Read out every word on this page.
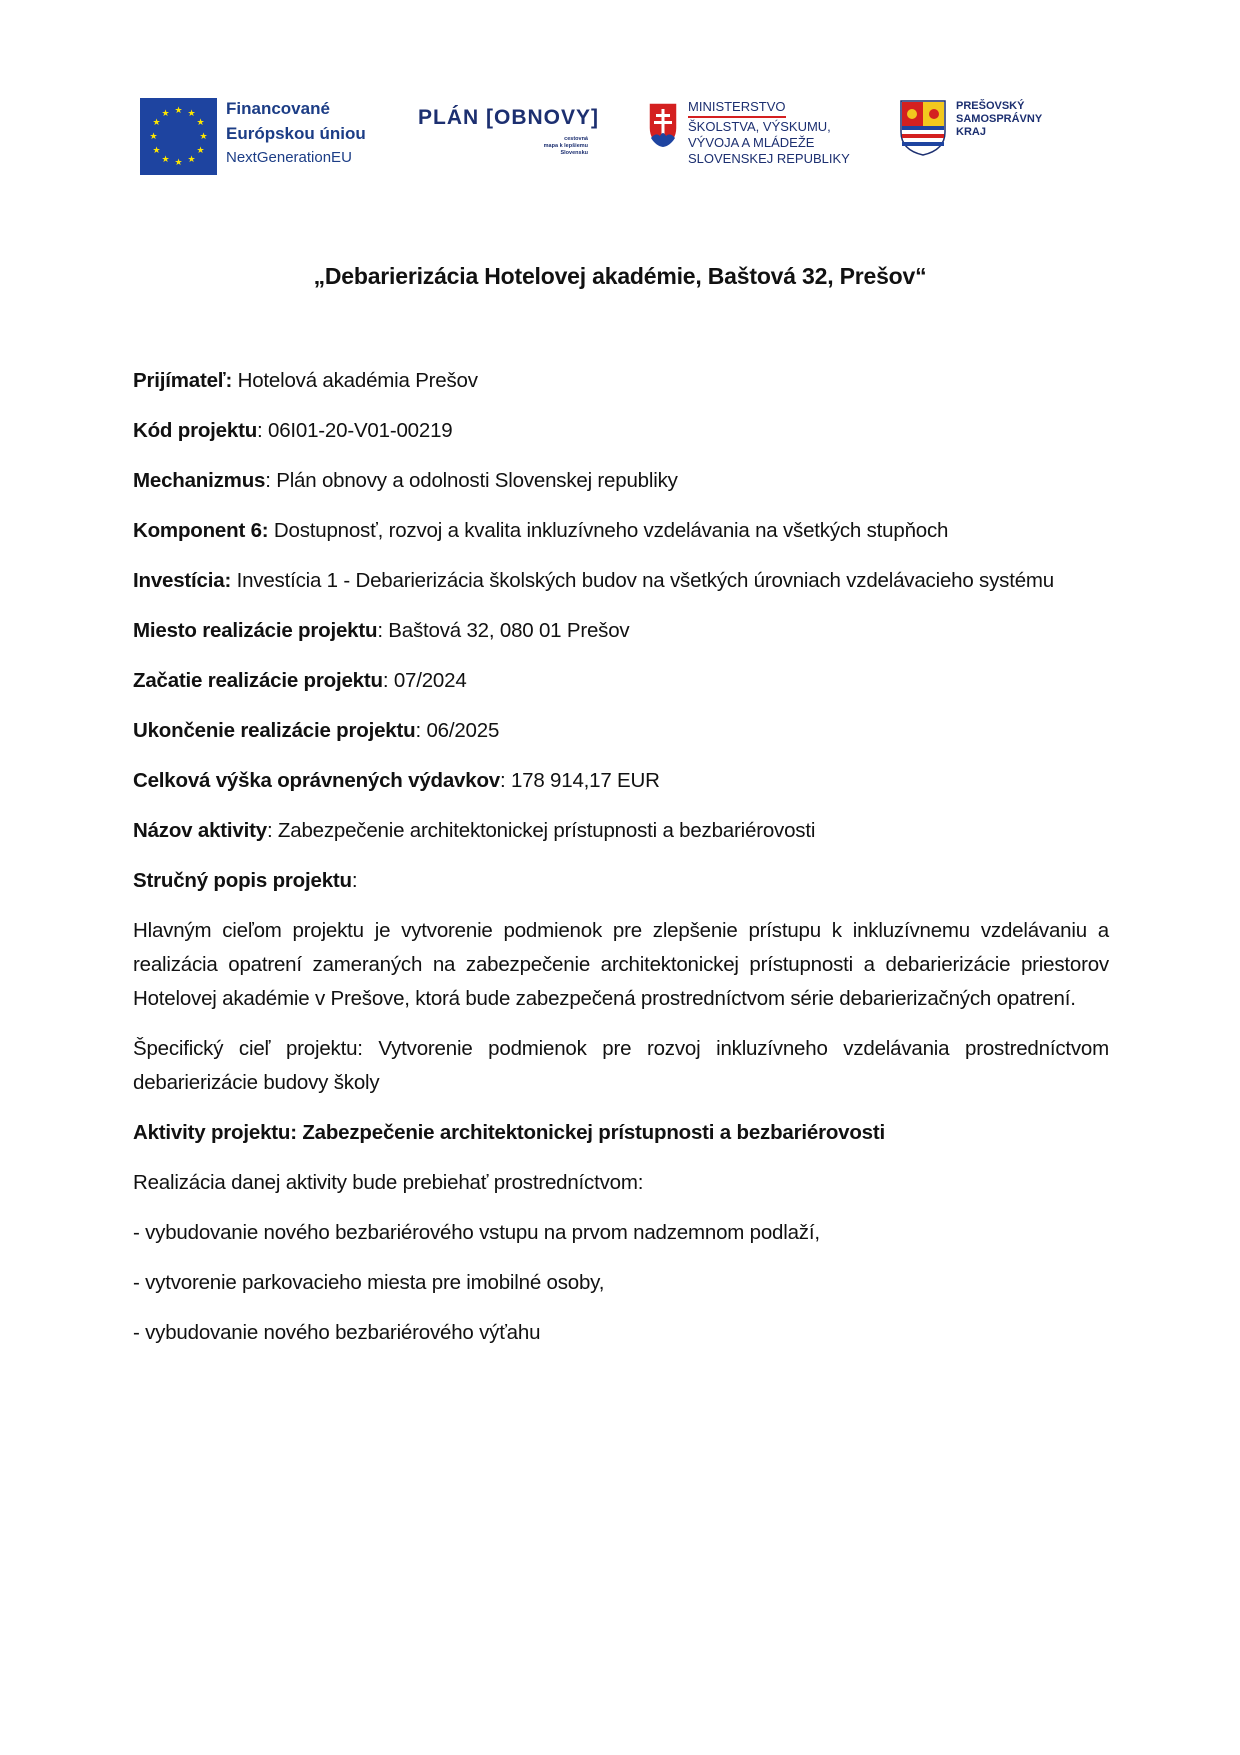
★ ★
★
★
★
★
★
★
★
★
★
★	Financované
Európskou úniou
NextGenerationEU
PLÁN [OBNOVY]
cestovná
mapa k lepšiemu
Slovensku
MINISTERSTVO
ŠKOLSTVA, VÝSKUMU,
VÝVOJA A MLÁDEŽE
SLOVENSKEJ REPUBLIKY
PREŠOVSKÝ
SAMOSPRÁVNY
KRAJ
„Debarierizácia Hotelovej akadémie, Baštová 32, Prešov“

Prijímateľ: Hotelová akadémia Prešov

Kód projektu: 06I01-20-V01-00219

Mechanizmus: Plán obnovy a odolnosti Slovenskej republiky

Komponent 6: Dostupnosť, rozvoj a kvalita inkluzívneho vzdelávania na všetkých stupňoch

Investícia: Investícia 1 - Debarierizácia školských budov na všetkých úrovniach vzdelávacieho systému

Miesto realizácie projektu: Baštová 32, 080 01 Prešov

Začatie realizácie projektu: 07/2024

Ukončenie realizácie projektu: 06/2025

Celková výška oprávnených výdavkov: 178 914,17 EUR

Názov aktivity: Zabezpečenie architektonickej prístupnosti a bezbariérovosti

Stručný popis projektu:

Hlavným cieľom projektu je vytvorenie podmienok pre zlepšenie prístupu k inkluzívnemu vzdelávaniu a realizácia opatrení zameraných na zabezpečenie architektonickej prístupnosti a debarierizácie priestorov Hotelovej akadémie v Prešove, ktorá bude zabezpečená prostredníctvom série debarierizačných opatrení.

Špecifický cieľ projektu: Vytvorenie podmienok pre rozvoj inkluzívneho vzdelávania prostredníctvom debarierizácie budovy školy

Aktivity projektu: Zabezpečenie architektonickej prístupnosti a bezbariérovosti

Realizácia danej aktivity bude prebiehať prostredníctvom:

- vybudovanie nového bezbariérového vstupu na prvom nadzemnom podlaží,

- vytvorenie parkovacieho miesta pre imobilné osoby,

- vybudovanie nového bezbariérového výťahu
